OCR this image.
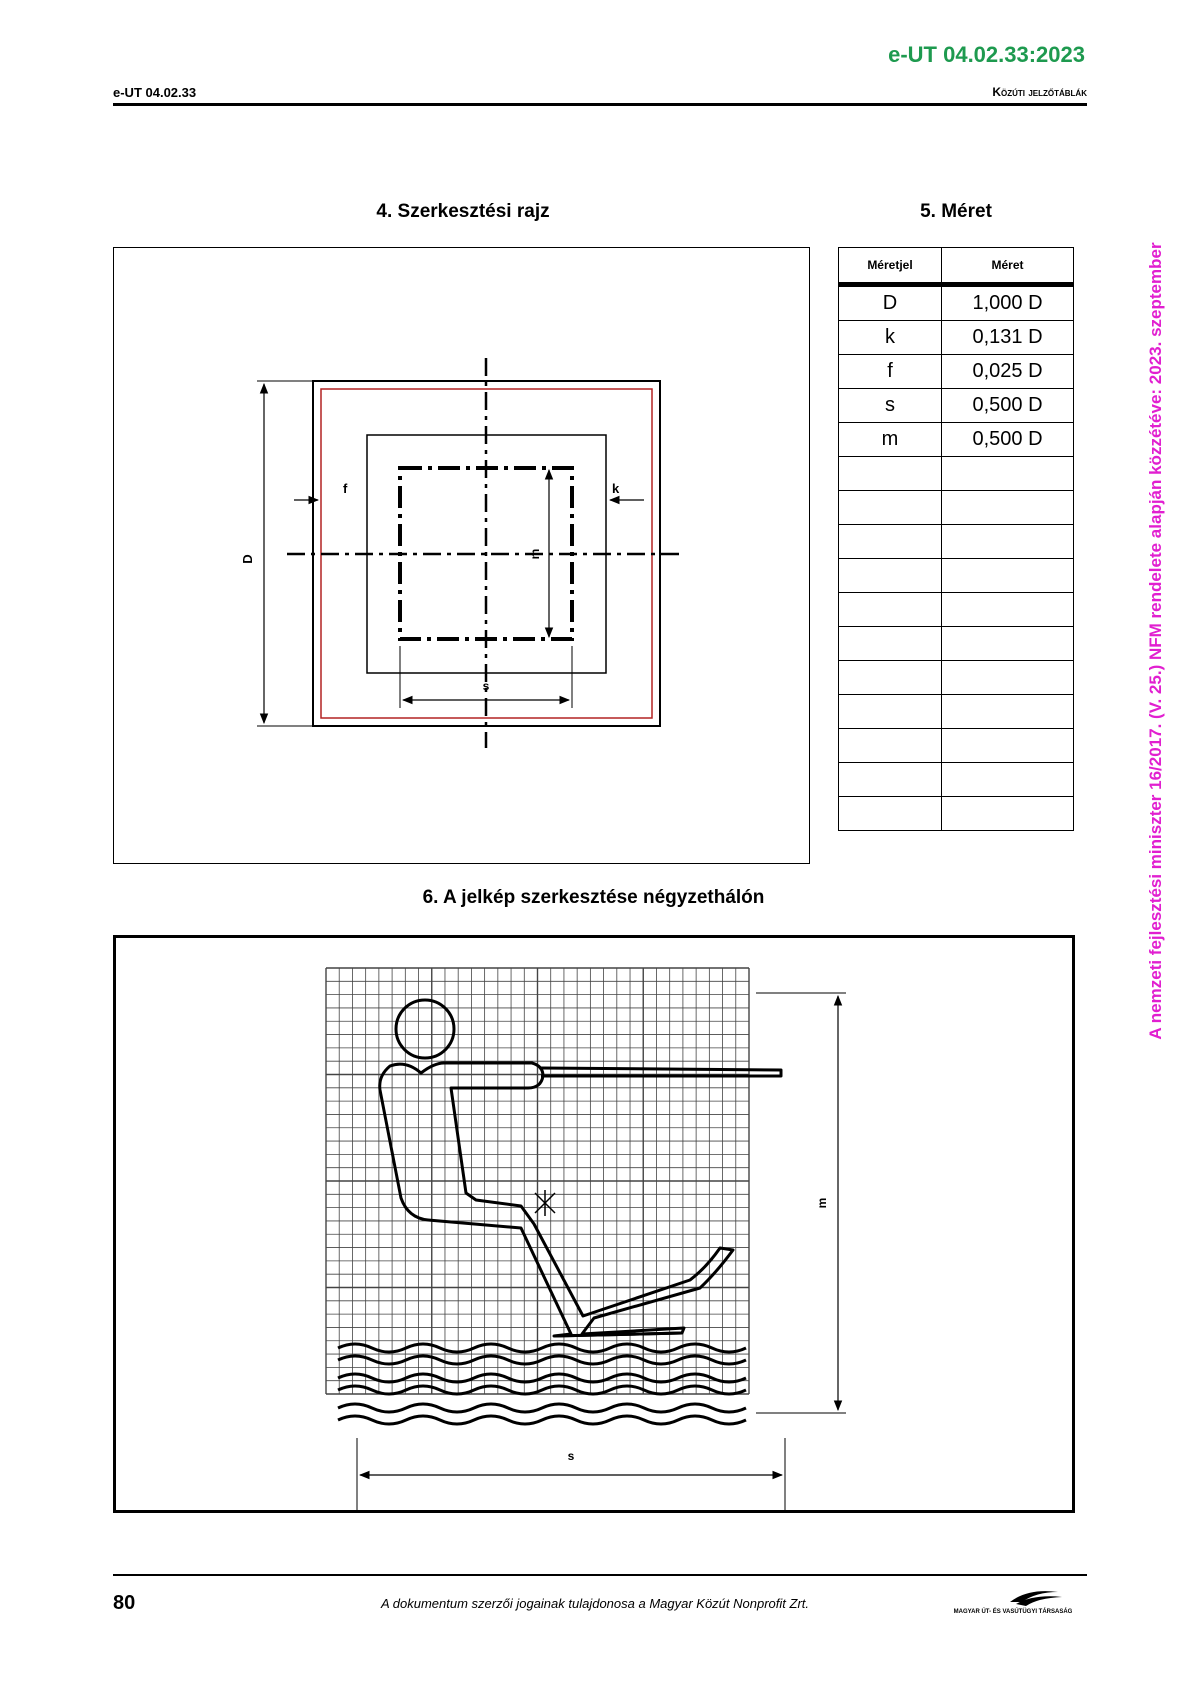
e-UT 04.02.33:2023
e-UT 04.02.33	Közúti jelzőtáblák
A nemzeti fejlesztési miniszter 16/2017. (V. 25.) NFM rendelete alapján közzétéve: 2023. szeptember
4. Szerkesztési rajz	5. Méret
D
f	k
m
s
Méretjel	Méret
D	1,000 D
k	0,131 D
f	0,025 D
s	0,500 D
m	0,500 D

6. A jelkép szerkesztése négyzethálón
m
s
80	A dokumentum szerzői jogainak tulajdonosa a Magyar Közút Nonprofit Zrt.
MAGYAR ÚT- ÉS VASÚTÜGYI TÁRSASÁG
